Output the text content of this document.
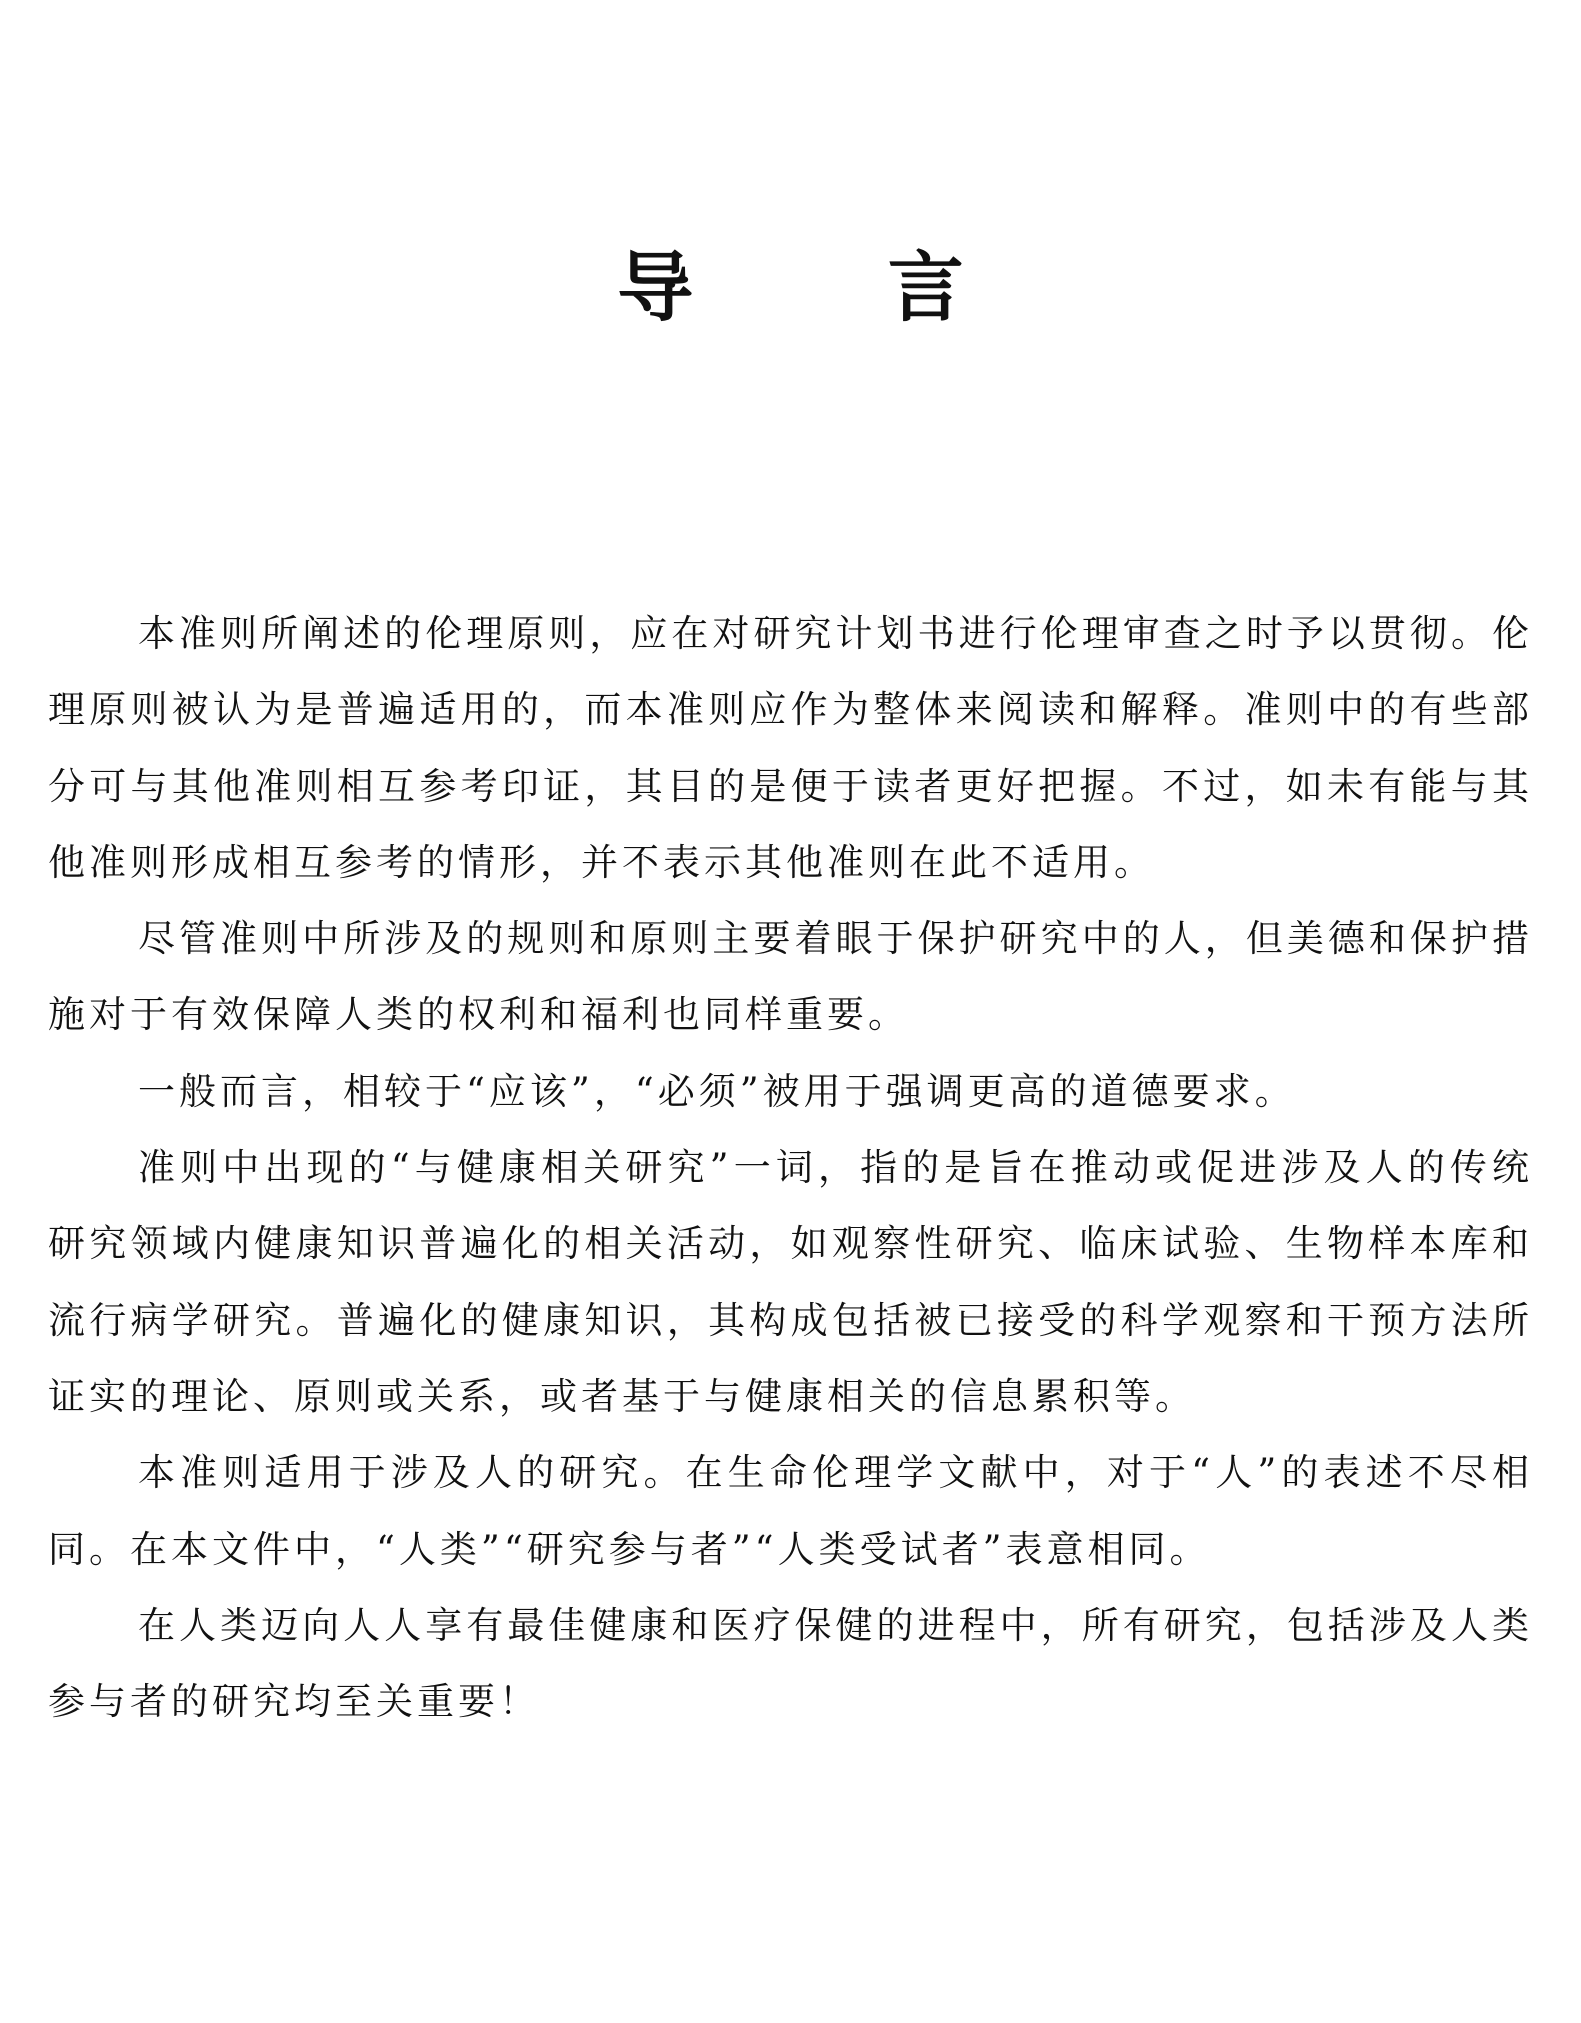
导 言

本准则所阐述的伦理原则，应在对研究计划书进行伦理审查之时予以贯彻。伦理原则被认为是普遍适用的，而本准则应作为整体来阅读和解释。准则中的有些部分可与其他准则相互参考印证，其目的是便于读者更好把握。不过，如未有能与其他准则形成相互参考的情形，并不表示其他准则在此不适用。

尽管准则中所涉及的规则和原则主要着眼于保护研究中的人，但美德和保护措施对于有效保障人类的权利和福利也同样重要。

一般而言，相较于“应该”，“必须”被用于强调更高的道德要求。

准则中出现的“与健康相关研究”一词，指的是旨在推动或促进涉及人的传统研究领域内健康知识普遍化的相关活动，如观察性研究、临床试验、生物样本库和流行病学研究。普遍化的健康知识，其构成包括被已接受的科学观察和干预方法所证实的理论、原则或关系，或者基于与健康相关的信息累积等。

本准则适用于涉及人的研究。在生命伦理学文献中，对于“人”的表述不尽相同。在本文件中，“人类”“研究参与者”“人类受试者”表意相同。

在人类迈向人人享有最佳健康和医疗保健的进程中，所有研究，包括涉及人类参与者的研究均至关重要！
